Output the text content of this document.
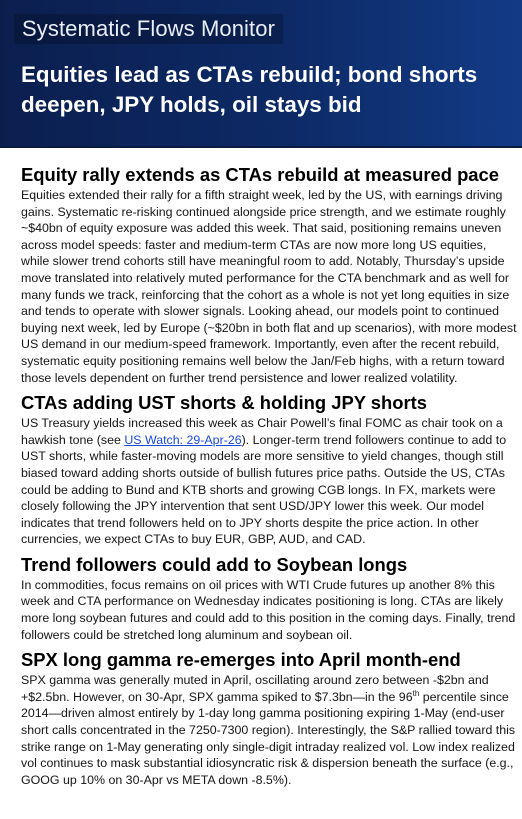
Systematic Flows Monitor
Equities lead as CTAs rebuild; bond shorts deepen, JPY holds, oil stays bid
Equity rally extends as CTAs rebuild at measured pace

Equities extended their rally for a fifth straight week, led by the US, with earnings driving gains. Systematic re-risking continued alongside price strength, and we estimate roughly ~$40bn of equity exposure was added this week. That said, positioning remains uneven across model speeds: faster and medium-term CTAs are now more long US equities, while slower trend cohorts still have meaningful room to add. Notably, Thursday’s upside move translated into relatively muted performance for the CTA benchmark and as well for many funds we track, reinforcing that the cohort as a whole is not yet long equities in size and tends to operate with slower signals. Looking ahead, our models point to continued buying next week, led by Europe (~$20bn in both flat and up scenarios), with more modest US demand in our medium-speed framework. Importantly, even after the recent rebuild, systematic equity positioning remains well below the Jan/Feb highs, with a return toward those levels dependent on further trend persistence and lower realized volatility.

CTAs adding UST shorts & holding JPY shorts

US Treasury yields increased this week as Chair Powell’s final FOMC as chair took on a hawkish tone (see US Watch: 29-Apr-26). Longer-term trend followers continue to add to UST shorts, while faster-moving models are more sensitive to yield changes, though still biased toward adding shorts outside of bullish futures price paths. Outside the US, CTAs could be adding to Bund and KTB shorts and growing CGB longs. In FX, markets were closely following the JPY intervention that sent USD/JPY lower this week. Our model indicates that trend followers held on to JPY shorts despite the price action. In other currencies, we expect CTAs to buy EUR, GBP, AUD, and CAD.

Trend followers could add to Soybean longs

In commodities, focus remains on oil prices with WTI Crude futures up another 8% this week and CTA performance on Wednesday indicates positioning is long. CTAs are likely more long soybean futures and could add to this position in the coming days. Finally, trend followers could be stretched long aluminum and soybean oil.

SPX long gamma re-emerges into April month-end

SPX gamma was generally muted in April, oscillating around zero between -$2bn and +$2.5bn. However, on 30-Apr, SPX gamma spiked to $7.3bn—in the 96th percentile since 2014—driven almost entirely by 1-day long gamma positioning expiring 1-May (end-user short calls concentrated in the 7250-7300 region). Interestingly, the S&P rallied toward this strike range on 1-May generating only single-digit intraday realized vol. Low index realized vol continues to mask substantial idiosyncratic risk & dispersion beneath the surface (e.g., GOOG up 10% on 30-Apr vs META down -8.5%).
